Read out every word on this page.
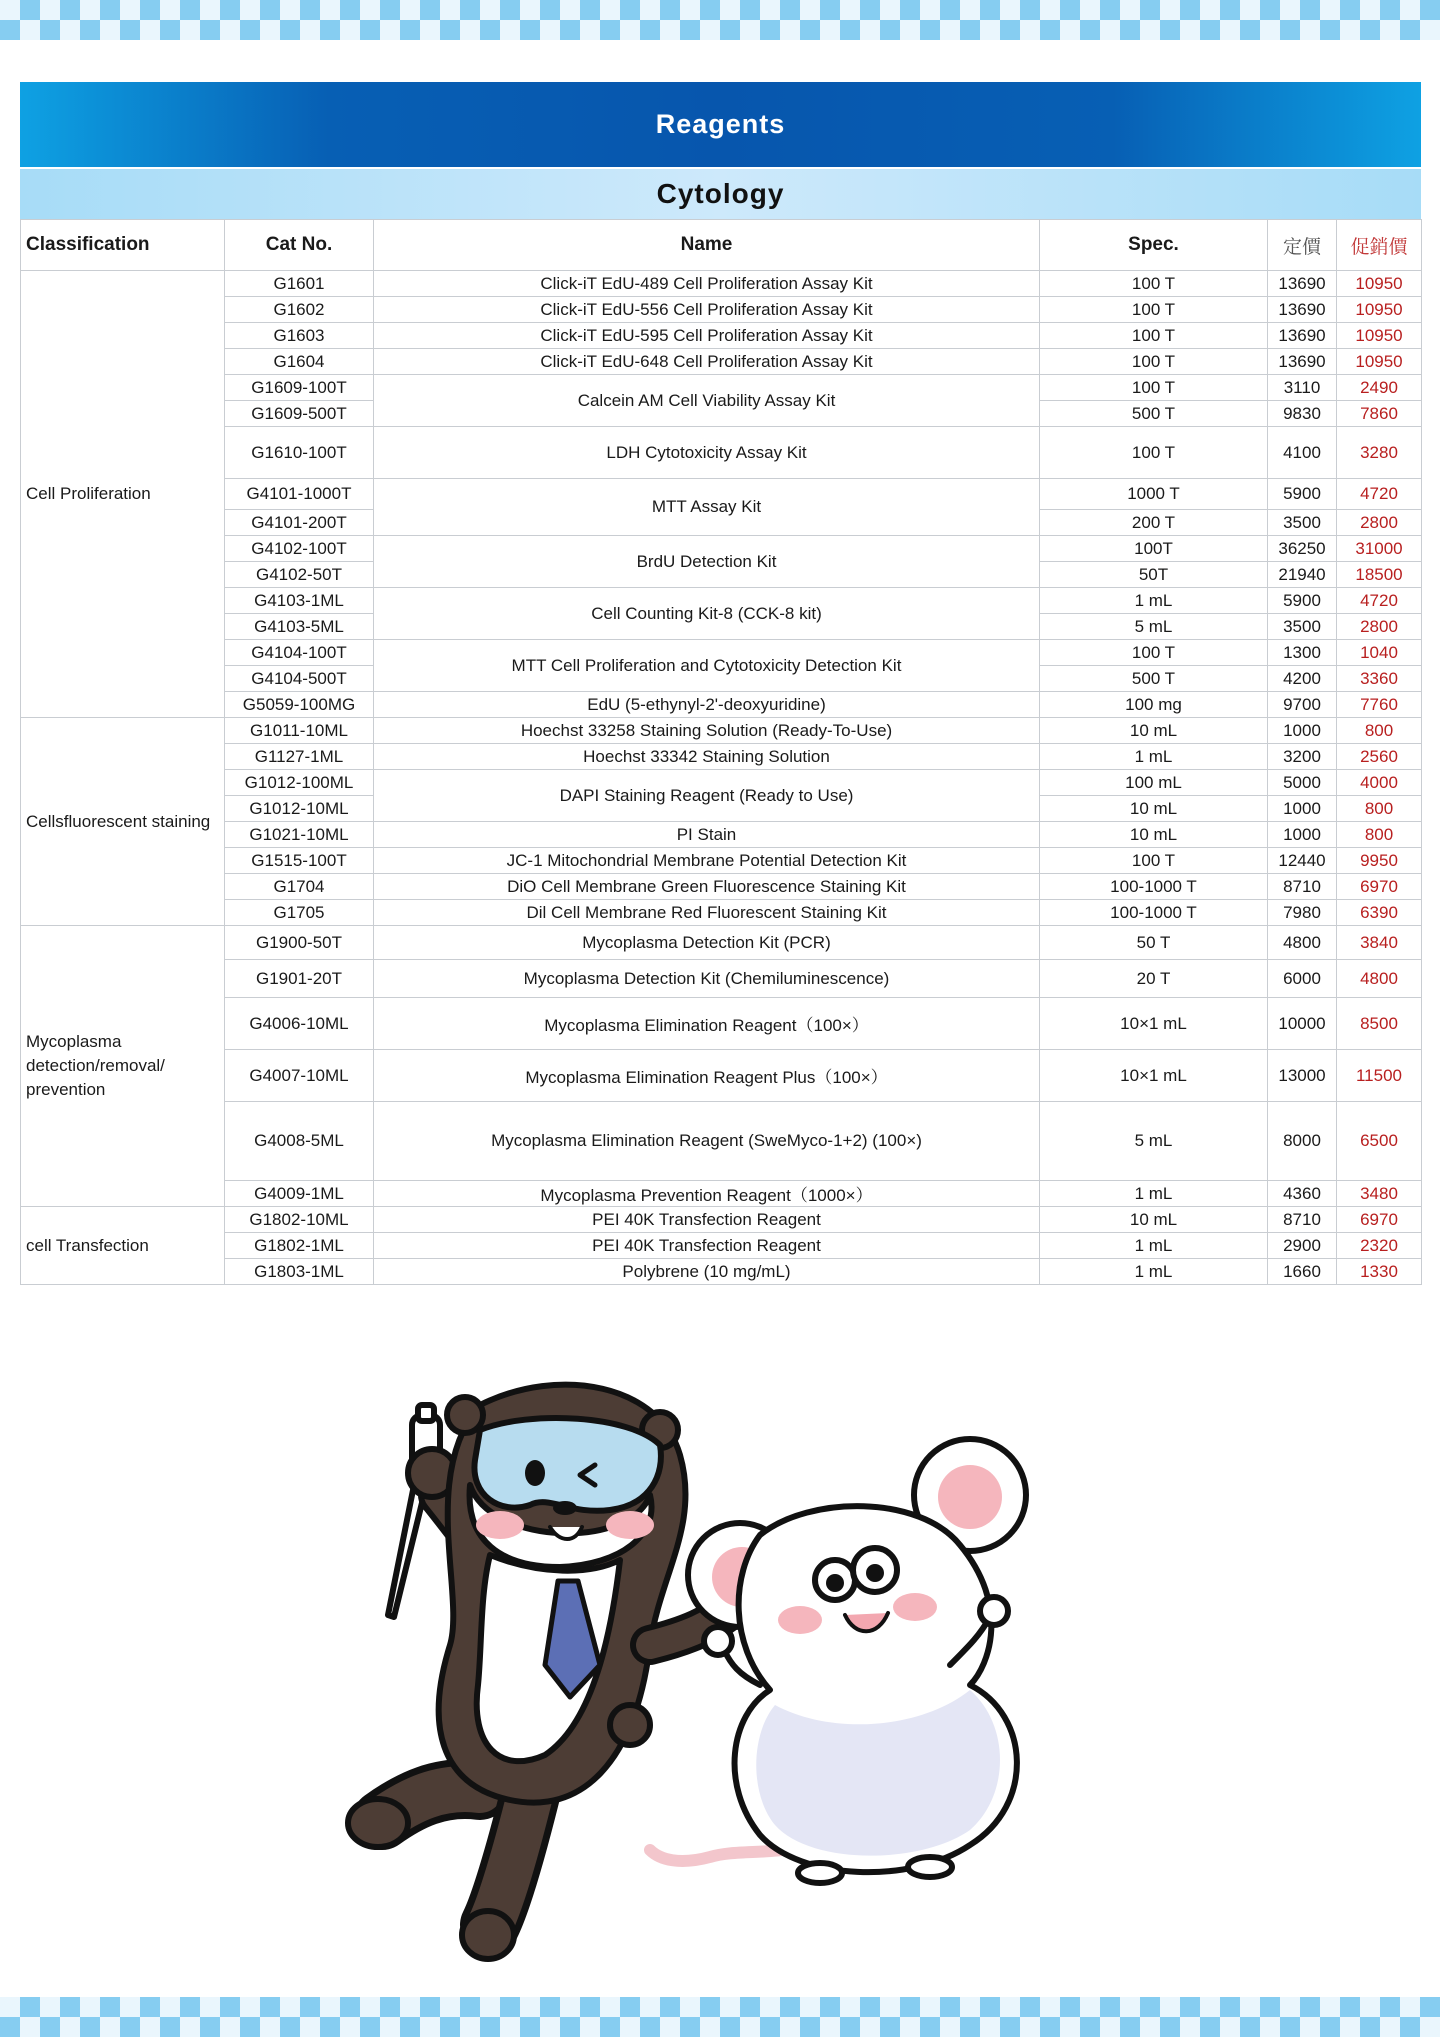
Reagents
Cytology
Classification	Cat No.	Name	Spec.	定價	促銷價
Cell Proliferation	G1601	Click-iT EdU-489 Cell Proliferation Assay Kit	100 T	13690	10950
	G1602	Click-iT EdU-556 Cell Proliferation Assay Kit	100 T	13690	10950
	G1603	Click-iT EdU-595 Cell Proliferation Assay Kit	100 T	13690	10950
	G1604	Click-iT EdU-648 Cell Proliferation Assay Kit	100 T	13690	10950
	G1609-100T	Calcein AM Cell Viability Assay Kit	100 T	3110	2490
	G1609-500T		500 T	9830	7860
	G1610-100T	LDH Cytotoxicity Assay Kit	100 T	4100	3280
	G4101-1000T	MTT Assay Kit	1000 T	5900	4720
	G4101-200T		200 T	3500	2800
	G4102-100T	BrdU Detection Kit	100T	36250	31000
	G4102-50T		50T	21940	18500
	G4103-1ML	Cell Counting Kit-8 (CCK-8 kit)	1 mL	5900	4720
	G4103-5ML		5 mL	3500	2800
	G4104-100T	MTT Cell Proliferation and Cytotoxicity Detection Kit	100 T	1300	1040
	G4104-500T		500 T	4200	3360
	G5059-100MG	EdU (5-ethynyl-2'-deoxyuridine)	100 mg	9700	7760
Cellsfluorescent staining	G1011-10ML	Hoechst 33258 Staining Solution (Ready-To-Use)	10 mL	1000	800
	G1127-1ML	Hoechst 33342 Staining Solution	1 mL	3200	2560
	G1012-100ML	DAPI Staining Reagent (Ready to Use)	100 mL	5000	4000
	G1012-10ML		10 mL	1000	800
	G1021-10ML	PI Stain	10 mL	1000	800
	G1515-100T	JC-1 Mitochondrial Membrane Potential Detection Kit	100 T	12440	9950
	G1704	DiO Cell Membrane Green Fluorescence Staining Kit	100-1000 T	8710	6970
	G1705	Dil Cell Membrane Red Fluorescent Staining Kit	100-1000 T	7980	6390
Mycoplasma detection/removal/ prevention	G1900-50T	Mycoplasma Detection Kit (PCR)	50 T	4800	3840
	G1901-20T	Mycoplasma Detection Kit (Chemiluminescence)	20 T	6000	4800
	G4006-10ML	Mycoplasma Elimination Reagent（100×）	10×1 mL	10000	8500
	G4007-10ML	Mycoplasma Elimination Reagent Plus（100×）	10×1 mL	13000	11500
	G4008-5ML	Mycoplasma Elimination Reagent (SweMyco-1+2) (100×)	5 mL	8000	6500
	G4009-1ML	Mycoplasma Prevention Reagent（1000×）	1 mL	4360	3480
cell Transfection	G1802-10ML	PEI 40K Transfection Reagent	10 mL	8710	6970
	G1802-1ML	PEI 40K Transfection Reagent	1 mL	2900	2320
	G1803-1ML	Polybrene (10 mg/mL)	1 mL	1660	1330
